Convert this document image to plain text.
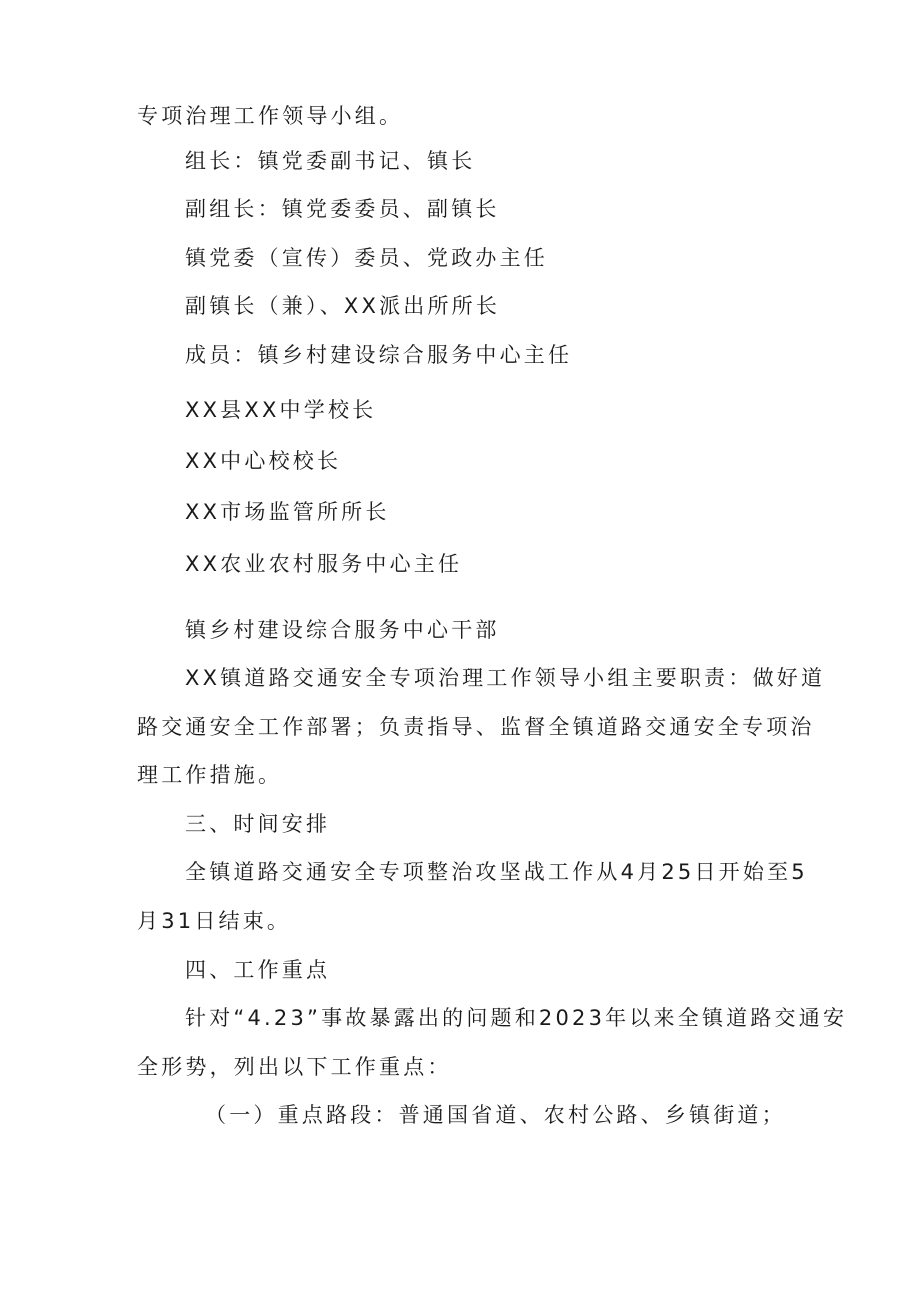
专项治理工作领导小组。
组长：镇党委副书记、镇长
副组长：镇党委委员、副镇长
镇党委（宣传）委员、党政办主任
副镇长（兼）、XX派出所所长
成员：镇乡村建设综合服务中心主任
XX县XX中学校长
XX中心校校长
XX市场监管所所长
XX农业农村服务中心主任
镇乡村建设综合服务中心干部
XX镇道路交通安全专项治理工作领导小组主要职责：做好道
路交通安全工作部署；负责指导、监督全镇道路交通安全专项治
理工作措施。
三、时间安排
全镇道路交通安全专项整治攻坚战工作从4月25日开始至5
月31日结束。
四、工作重点
针对“4.23”事故暴露出的问题和2023年以来全镇道路交通安
全形势，列出以下工作重点：
（一）重点路段：普通国省道、农村公路、乡镇街道；
